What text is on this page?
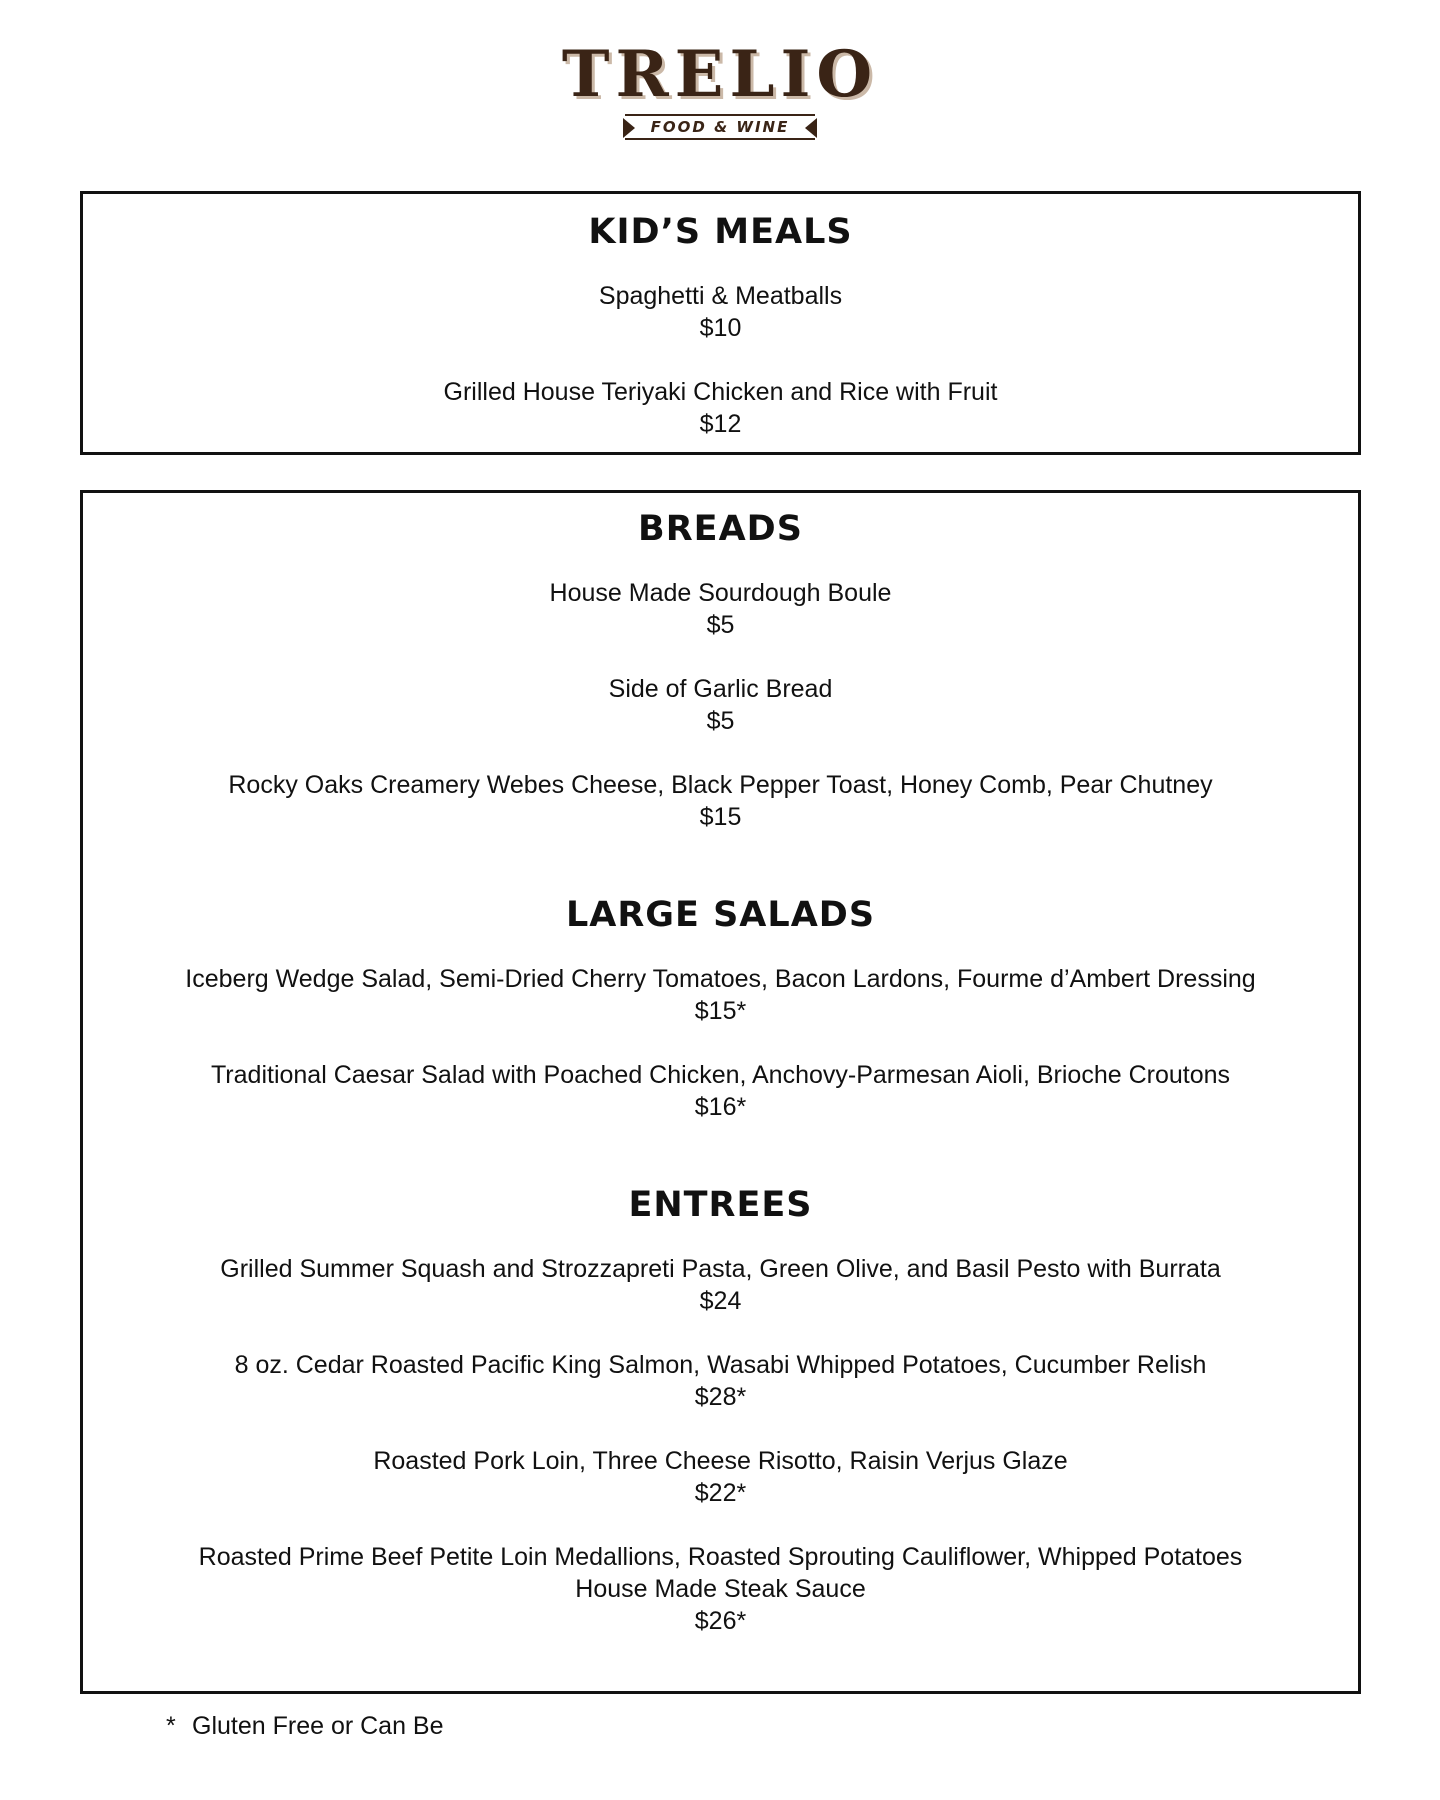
TRELIO
FOOD & WINE
KID’S MEALS
Spaghetti & Meatballs
$10
Grilled House Teriyaki Chicken and Rice with Fruit
$12
BREADS
House Made Sourdough Boule
$5
Side of Garlic Bread
$5
Rocky Oaks Creamery Webes Cheese, Black Pepper Toast, Honey Comb, Pear Chutney
$15
LARGE SALADS
Iceberg Wedge Salad, Semi-Dried Cherry Tomatoes, Bacon Lardons, Fourme d’Ambert Dressing
$15*
Traditional Caesar Salad with Poached Chicken, Anchovy-Parmesan Aioli, Brioche Croutons
$16*
ENTREES
Grilled Summer Squash and Strozzapreti Pasta, Green Olive, and Basil Pesto with Burrata
$24
8 oz. Cedar Roasted Pacific King Salmon, Wasabi Whipped Potatoes, Cucumber Relish
$28*
Roasted Pork Loin, Three Cheese Risotto, Raisin Verjus Glaze
$22*
Roasted Prime Beef Petite Loin Medallions, Roasted Sprouting Cauliflower, Whipped Potatoes
House Made Steak Sauce
$26*
* Gluten Free or Can Be
